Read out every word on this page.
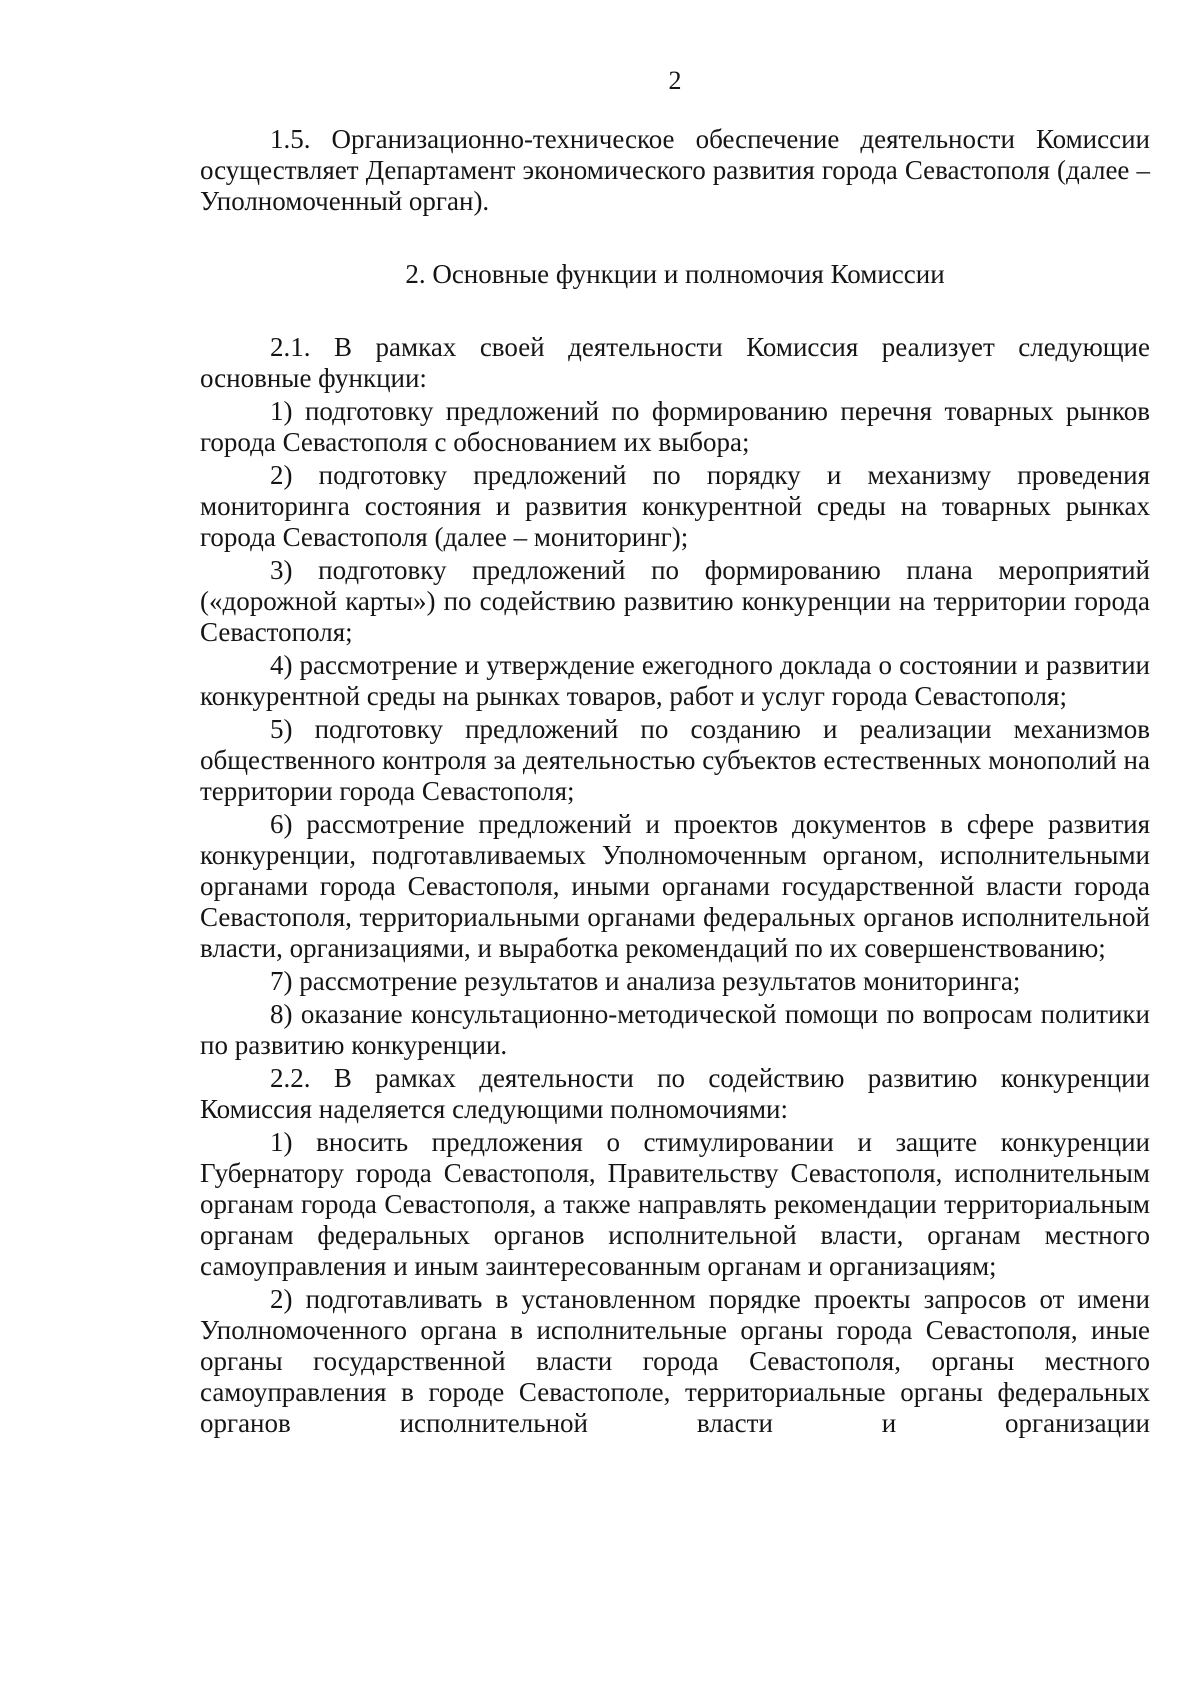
2

1.5. Организационно-техническое обеспечение деятельности Комиссии осуществляет Департамент экономического развития города Севастополя (далее – Уполномоченный орган).

2. Основные функции и полномочия Комиссии

2.1. В рамках своей деятельности Комиссия реализует следующие основные функции:

1) подготовку предложений по формированию перечня товарных рынков города Севастополя с обоснованием их выбора;

2) подготовку предложений по порядку и механизму проведения мониторинга состояния и развития конкурентной среды на товарных рынках города Севастополя (далее – мониторинг);

3) подготовку предложений по формированию плана мероприятий («дорожной карты») по содействию развитию конкуренции на территории города Севастополя;

4) рассмотрение и утверждение ежегодного доклада о состоянии и развитии конкурентной среды на рынках товаров, работ и услуг города Севастополя;

5) подготовку предложений по созданию и реализации механизмов общественного контроля за деятельностью субъектов естественных монополий на территории города Севастополя;

6) рассмотрение предложений и проектов документов в сфере развития конкуренции, подготавливаемых Уполномоченным органом, исполнительными органами города Севастополя, иными органами государственной власти города Севастополя, территориальными органами федеральных органов исполнительной власти, организациями, и выработка рекомендаций по их совершенствованию;

7) рассмотрение результатов и анализа результатов мониторинга;

8) оказание консультационно-методической помощи по вопросам политики по развитию конкуренции.

2.2. В рамках деятельности по содействию развитию конкуренции Комиссия наделяется следующими полномочиями:

1) вносить предложения о стимулировании и защите конкуренции Губернатору города Севастополя, Правительству Севастополя, исполнительным органам города Севастополя, а также направлять рекомендации территориальным органам федеральных органов исполнительной власти, органам местного самоуправления и иным заинтересованным органам и организациям;

2) подготавливать в установленном порядке проекты запросов от имени Уполномоченного органа в исполнительные органы города Севастополя, иные органы государственной власти города Севастополя, органы местного самоуправления в городе Севастополе, территориальные органы федеральных органов исполнительной власти и организации
